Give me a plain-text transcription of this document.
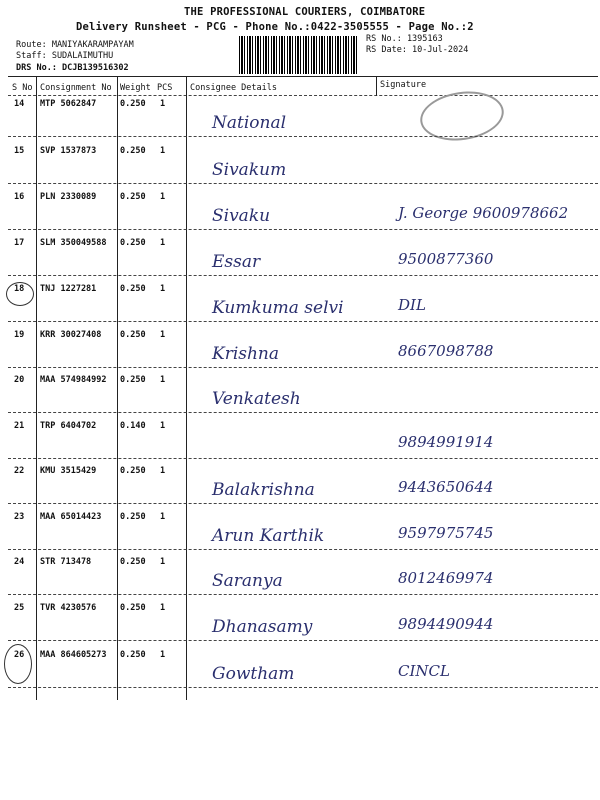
THE PROFESSIONAL COURIERS, COIMBATORE
Delivery Runsheet - PCG - Phone No.:0422-3505555 - Page No.:2
Route: MANIYAKARAMPAYAM
Staff: SUDALAIMUTHU
DRS No.: DCJB139516302
RS No.: 1395163
RS Date: 10-Jul-2024
S No Consignment No Weight PCS Consignee Details	Signature
14 MTP 5062847	0.250 1
National
15 SVP 1537873	0.250 1
Sivakum
16 PLN 2330089	0.250 1
Sivaku	J. George 9600978662
17 SLM 350049588 0.250 1
Essar	9500877360
18 TNJ 1227281	0.250 1
Kumkuma selvi	DIL
19 KRR 30027408 0.250 1
Krishna	8667098788
20 MAA 574984992 0.250 1
Venkatesh
21 TRP 6404702	0.140 1
9894991914
22 KMU 3515429	0.250 1
Balakrishna	9443650644
23 MAA 65014423 0.250 1
Arun Karthik	9597975745
24 STR 713478	0.250 1
Saranya	8012469974
25 TVR 4230576	0.250 1
Dhanasamy	9894490944
26 MAA 864605273 0.250 1
Gowtham	CINCL
